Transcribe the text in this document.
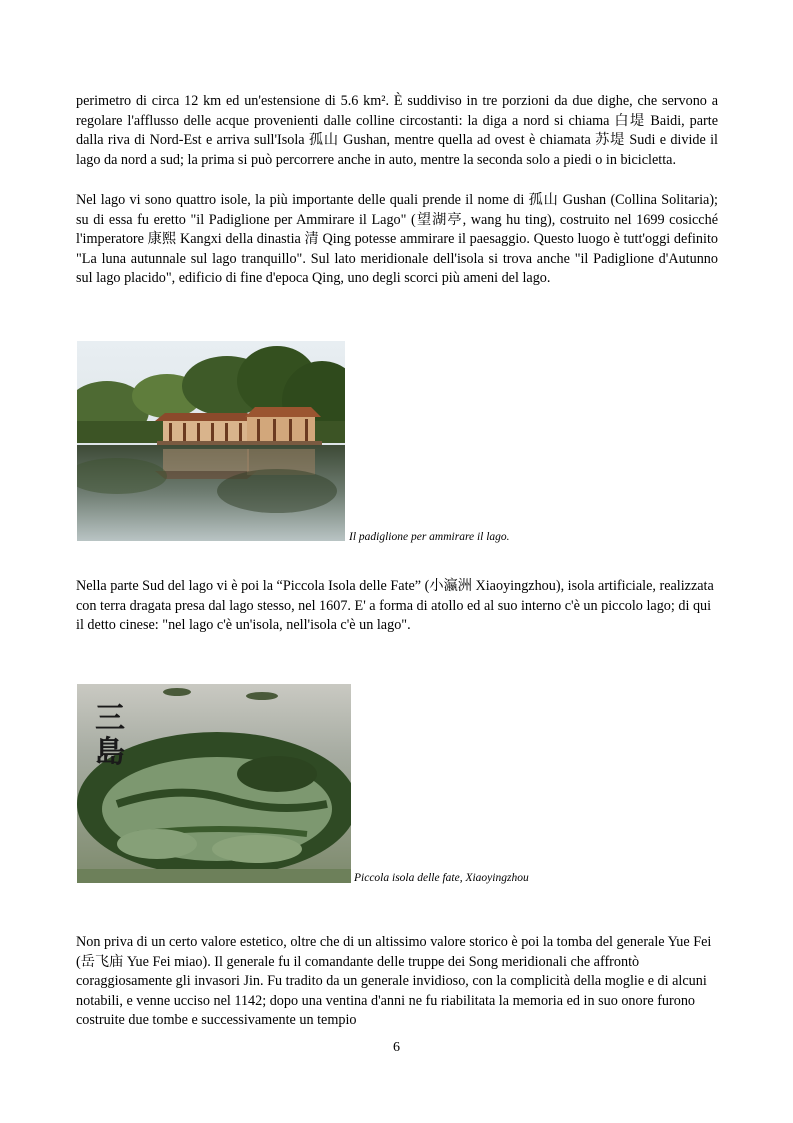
perimetro di circa 12 km ed un'estensione di 5.6 km². È suddiviso in tre porzioni da due dighe, che servono a regolare l'afflusso delle acque provenienti dalle colline circostanti: la diga a nord si chiama 白堤 Baidi, parte dalla riva di Nord-Est e arriva sull'Isola 孤山 Gushan, mentre quella ad ovest è chiamata 苏堤 Sudi e divide il lago da nord a sud; la prima si può percorrere anche in auto, mentre la seconda solo a piedi o in bicicletta.

Nel lago vi sono quattro isole, la più importante delle quali prende il nome di 孤山 Gushan (Collina Solitaria); su di essa fu eretto "il Padiglione per Ammirare il Lago" (望湖亭, wang hu ting), costruito nel 1699 cosicché l'imperatore 康熙 Kangxi della dinastia 清 Qing potesse ammirare il paesaggio. Questo luogo è tutt'oggi definito "La luna autunnale sul lago tranquillo". Sul lato meridionale dell'isola si trova anche "il Padiglione d'Autunno sul lago placido", edificio di fine d'epoca Qing, uno degli scorci più ameni del lago.

Il padiglione per ammirare il lago.

Nella parte Sud del lago vi è poi la “Piccola Isola delle Fate” (小瀛洲 Xiaoyingzhou), isola artificiale, realizzata con terra dragata presa dal lago stesso, nel 1607. E' a forma di atollo ed al suo interno c'è un piccolo lago; di qui il detto cinese: "nel lago c'è un'isola, nell'isola c'è un lago".

三島
Piccola isola delle fate, Xiaoyingzhou

Non priva di un certo valore estetico, oltre che di un altissimo valore storico è poi la tomba del generale Yue Fei (岳飞庙 Yue Fei miao). Il generale fu il comandante delle truppe dei Song meridionali che affrontò coraggiosamente gli invasori Jin. Fu tradito da un generale invidioso, con la complicità della moglie e di alcuni notabili, e venne ucciso nel 1142; dopo una ventina d'anni ne fu riabilitata la memoria ed in suo onore furono costruite due tombe e successivamente un tempio

6
